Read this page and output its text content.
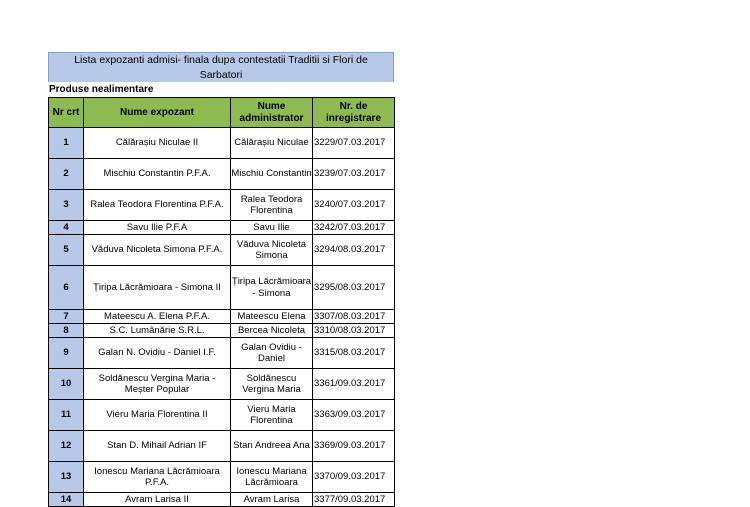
Lista expozanti admisi- finala dupa contestatii Traditii si Flori de Sarbatori
Produse nealimentare
Nr crt	Nume expozant	Nume administrator	Nr. de inregistrare
1	Călărașiu Niculae II	Călărașiu Niculae	3229/07.03.2017
2	Mischiu Constantin P.F.A.	Mischiu Constantin	3239/07.03.2017
3	Ralea Teodora Florentina P.F.A.	Ralea Teodora Florentina	3240/07.03.2017
4	Savu Ilie P.F.A	Savu Ilie	3242/07.03.2017
5	Văduva Nicoleta Simona P.F.A.	Văduva Nicoleta Simona	3294/08.03.2017
6	Țiripa Lăcrămioara - Simona II	Țiripa Lăcrămioara - Simona	3295/08.03.2017
7	Mateescu A. Elena P.F.A.	Mateescu Elena	3307/08.03.2017
8	S.C. Lumânărie S.R.L.	Bercea Nicoleta	3310/08.03.2017
9	Galan N. Ovidiu - Daniel I.F.	Galan Ovidiu - Daniel	3315/08.03.2017
10	Soldănescu Vergina Maria - Meșter Popular	Soldănescu Vergina Maria	3361/09.03.2017
11	Vieru Maria Florentina II	Vieru Maria Florentina	3363/09.03.2017
12	Stan D. Mihail Adrian IF	Stan Andreea Ana	3369/09.03.2017
13	Ionescu Mariana Lăcrămioara P.F.A.	Ionescu Mariana Lăcrămioara	3370/09.03.2017
14	Avram Larisa II	Avram Larisa	3377/09.03.2017
